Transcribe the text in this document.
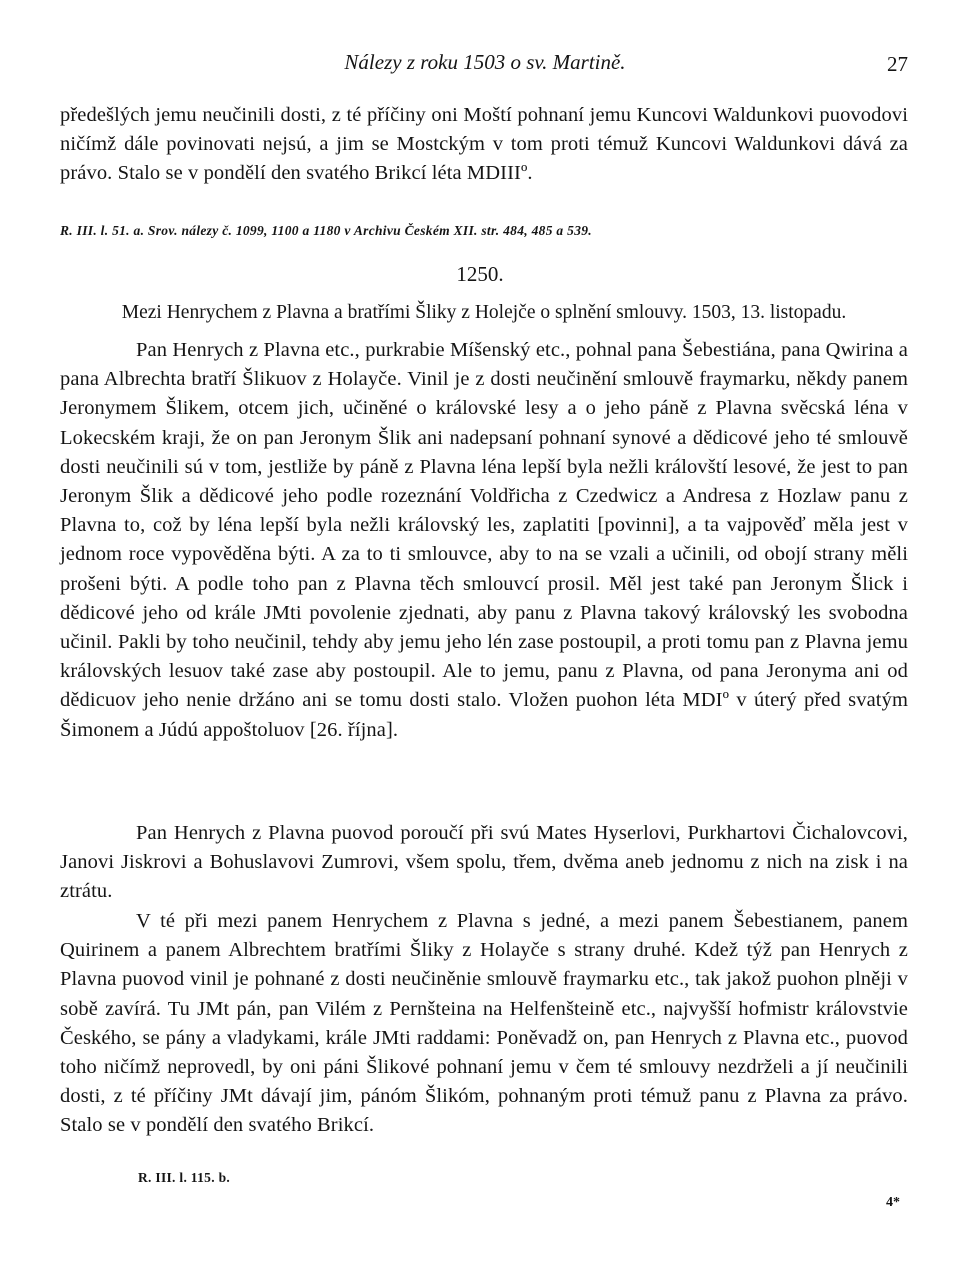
Nálezy z roku 1503 o sv. Martině.	27

předešlých jemu neučinili dosti, z té příčiny oni Moští pohnaní jemu Kuncovi Waldunkovi puovodovi ničímž dále povinovati nejsú, a jim se Mostckým v tom proti témuž Kuncovi Waldunkovi dává za právo. Stalo se v pondělí den svatého Brikcí léta MDIIIº.

R. III. l. 51. a. Srov. nálezy č. 1099, 1100 a 1180 v Archivu Českém XII. str. 484, 485 a 539.
1250.
Mezi Henrychem z Plavna a bratřími Šliky z Holejče o splnění smlouvy. 1503, 13. listopadu.

Pan Henrych z Plavna etc., purkrabie Míšenský etc., pohnal pana Šebestiána, pana Qwirina a pana Albrechta bratří Šlikuov z Holayče. Vinil je z dosti neučinění smlouvě fraymarku, někdy panem Jeronymem Šlikem, otcem jich, učiněné o královské lesy a o jeho páně z Plavna svěcská léna v Lokecském kraji, že on pan Jeronym Šlik ani nadepsaní pohnaní synové a dědicové jeho té smlouvě dosti neučinili sú v tom, jestliže by páně z Plavna léna lepší byla nežli královští lesové, že jest to pan Jeronym Šlik a dědicové jeho podle rozeznání Voldřicha z Czedwicz a Andresa z Hozlaw panu z Plavna to, což by léna lepší byla nežli královský les, zaplatiti [povinni], a ta vajpověď měla jest v jednom roce vypověděna býti. A za to ti smlouvce, aby to na se vzali a učinili, od obojí strany měli prošeni býti. A podle toho pan z Plavna těch smlouvcí prosil. Měl jest také pan Jeronym Šlick i dědicové jeho od krále JMti povolenie zjednati, aby panu z Plavna takový královský les svobodna učinil. Pakli by toho neučinil, tehdy aby jemu jeho lén zase postoupil, a proti tomu pan z Plavna jemu královských lesuov také zase aby postoupil. Ale to jemu, panu z Plavna, od pana Jeronyma ani od dědicuov jeho nenie držáno ani se tomu dosti stalo. Vložen puohon léta MDIº v úterý před svatým Šimonem a Júdú appoštoluov [26. října].

Pan Henrych z Plavna puovod poroučí při svú Mates Hyserlovi, Purkhartovi Čichalovcovi, Janovi Jiskrovi a Bohuslavovi Zumrovi, všem spolu, třem, dvěma aneb jednomu z nich na zisk i na ztrátu.

V té při mezi panem Henrychem z Plavna s jedné, a mezi panem Šebestianem, panem Quirinem a panem Albrechtem bratřími Šliky z Holayče s strany druhé. Kdež týž pan Henrych z Plavna puovod vinil je pohnané z dosti neučiněnie smlouvě fraymarku etc., tak jakož puohon plněji v sobě zavírá. Tu JMt pán, pan Vilém z Pernšteina na Helfenšteině etc., najvyšší hofmistr královstvie Českého, se pány a vladykami, krále JMti raddami: Poněvadž on, pan Henrych z Plavna etc., puovod toho ničímž neprovedl, by oni páni Šlikové pohnaní jemu v čem té smlouvy nezdrželi a jí neučinili dosti, z té příčiny JMt dávají jim, pánóm Šlikóm, pohnaným proti témuž panu z Plavna za právo. Stalo se v pondělí den svatého Brikcí.

R. III. l. 115. b.
4*
